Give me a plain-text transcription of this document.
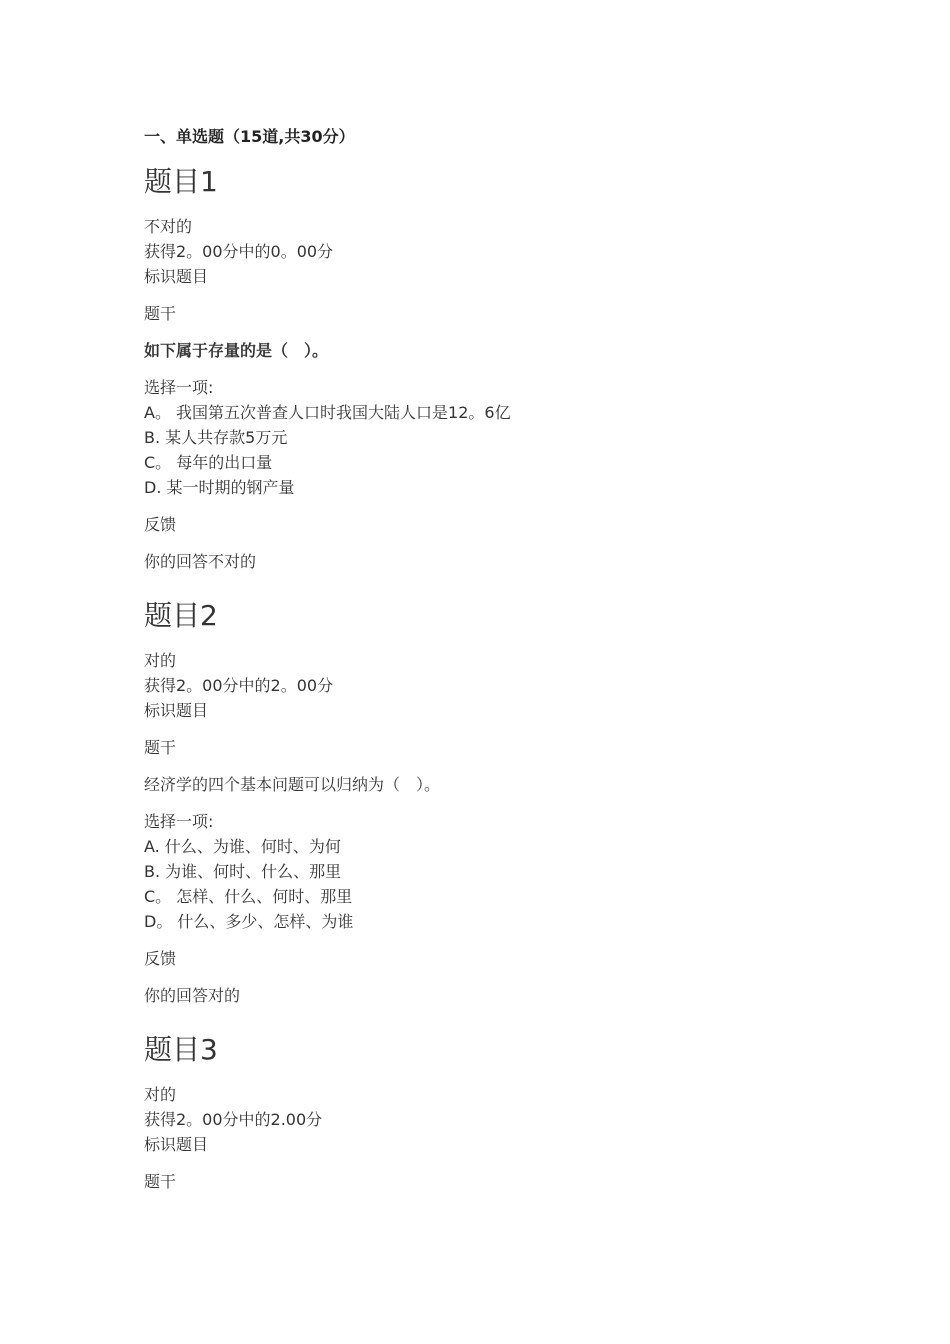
一、单选题（15道,共30分）
题目1

不对的

获得2。00分中的0。00分

标识题目

题干

如下属于存量的是（　）。

选择一项:

A。 我国第五次普查人口时我国大陆人口是12。6亿

B. 某人共存款5万元

C。 每年的出口量

D. 某一时期的钢产量

反馈

你的回答不对的

题目2

对的

获得2。00分中的2。00分

标识题目

题干

经济学的四个基本问题可以归纳为（　）。

选择一项:

A. 什么、为谁、何时、为何

B. 为谁、何时、什么、那里

C。 怎样、什么、何时、那里

D。 什么、多少、怎样、为谁

反馈

你的回答对的

题目3

对的

获得2。00分中的2.00分

标识题目

题干
